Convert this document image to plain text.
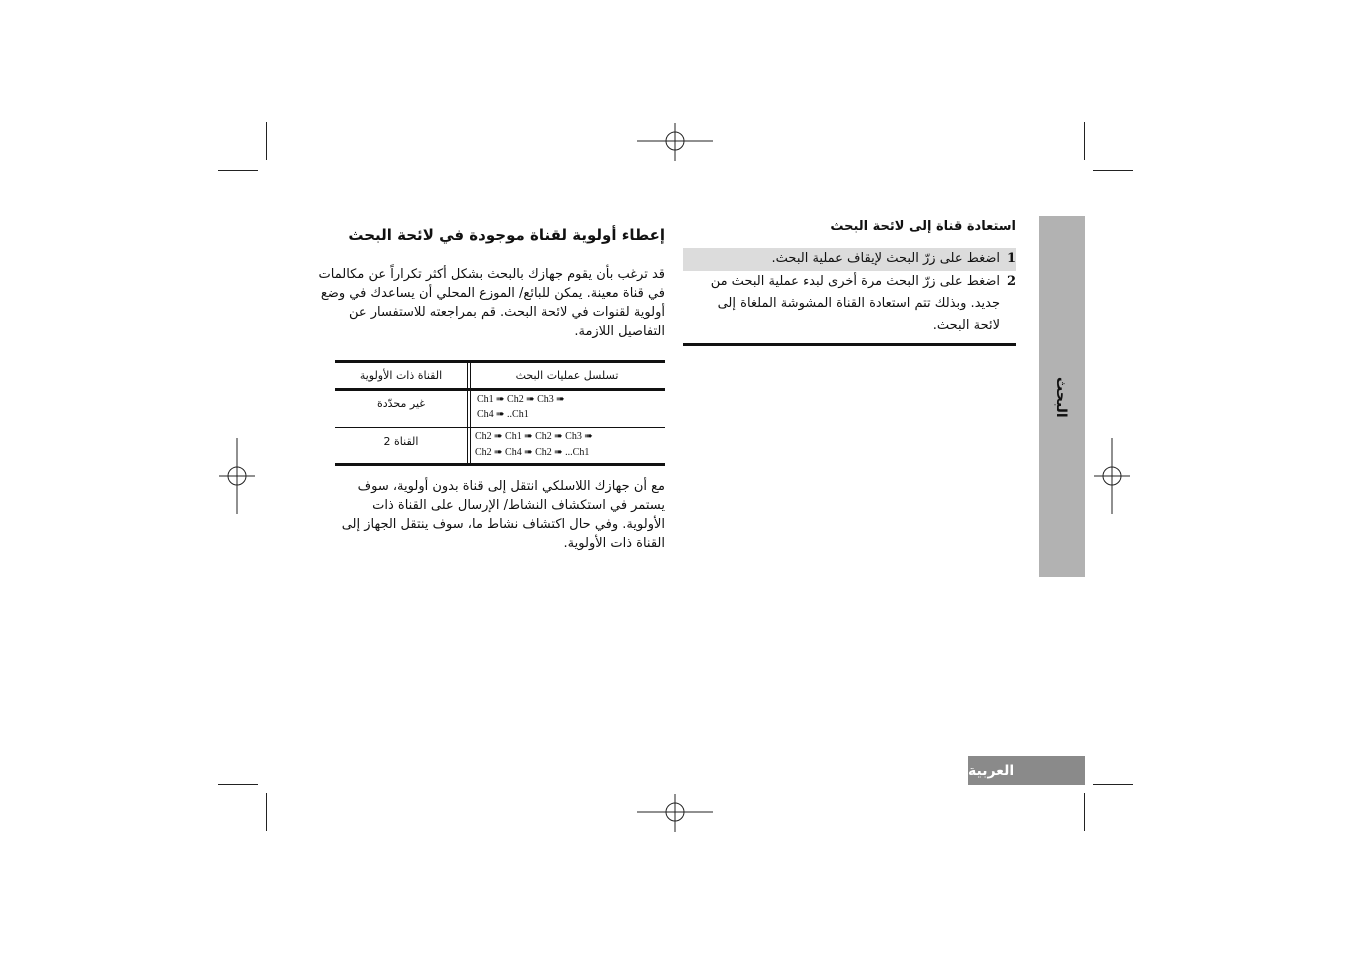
البحث
العربية
استعادة قناة إلى لائحة البحث
1
اضغط على زرّ البحث لإيقاف عملية البحث.
2
اضغط على زرّ البحث مرة أخرى لبدء عملية البحث من جديد. وبذلك تتم استعادة القناة المشوشة الملغاة إلى لائحة البحث.
إعطاء أولوية لقناة موجودة في لائحة البحث
قد ترغب بأن يقوم جهازك بالبحث بشكل أكثر تكراراً عن مكالمات في قناة معينة. يمكن للبائع/ الموزع المحلي أن يساعدك في وضع أولوية لقنوات في لائحة البحث. قم بمراجعته للاستفسار عن التفاصيل اللازمة.
تسلسل عمليات البحث
القناة ذات الأولوية
غير محدّدة	Ch1 ➠ Ch2 ➠ Ch3 ➠
Ch4 ➠ ..Ch1
القناة 2	Ch2 ➠ Ch1 ➠ Ch2 ➠ Ch3 ➠
Ch2 ➠ Ch4 ➠ Ch2 ➠ ...Ch1
مع أن جهازك اللاسلكي انتقل إلى قناة بدون أولوية، سوف يستمر في استكشاف النشاط/ الإرسال على القناة ذات الأولوية. وفي حال اكتشاف نشاط ما، سوف ينتقل الجهاز إلى القناة ذات الأولوية.
